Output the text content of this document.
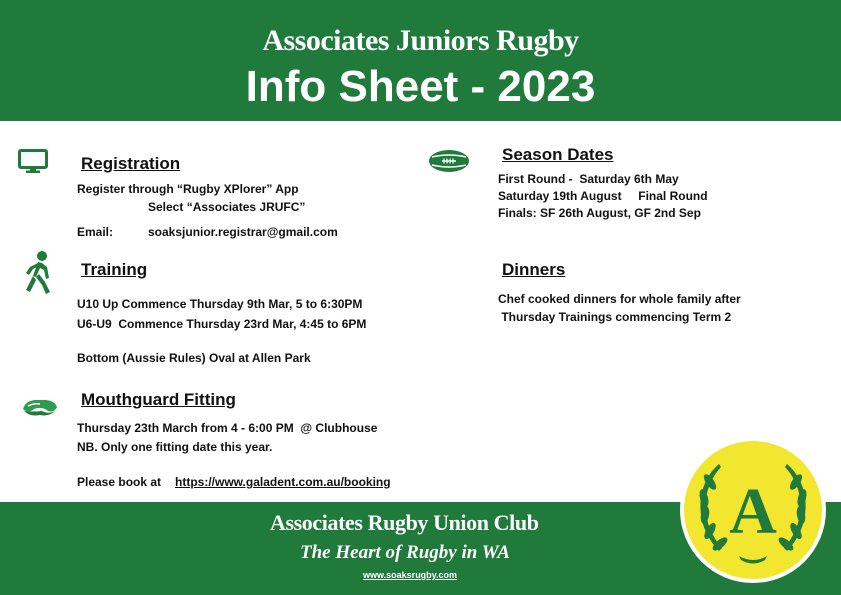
Associates Juniors Rugby
Info Sheet - 2023
Registration
Register through “Rugby XPlorer” App
Select “Associates JRUFC”
Email:	soaksjunior.registrar@gmail.com
Training
U10 Up Commence Thursday 9th Mar, 5 to 6:30PM
U6-U9  Commence Thursday 23rd Mar, 4:45 to 6PM
Bottom (Aussie Rules) Oval at Allen Park
Mouthguard Fitting
Thursday 23th March from 4 - 6:00 PM  @ Clubhouse
NB. Only one fitting date this year.
Please book at https://www.galadent.com.au/booking
Season Dates
First Round -  Saturday 6th May
Saturday 19th August     Final Round
Finals: SF 26th August, GF 2nd Sep
Dinners
Chef cooked dinners for whole family after
Thursday Trainings commencing Term 2
Associates Rugby Union Club
The Heart of Rugby in WA
www.soaksrugby.com
A
